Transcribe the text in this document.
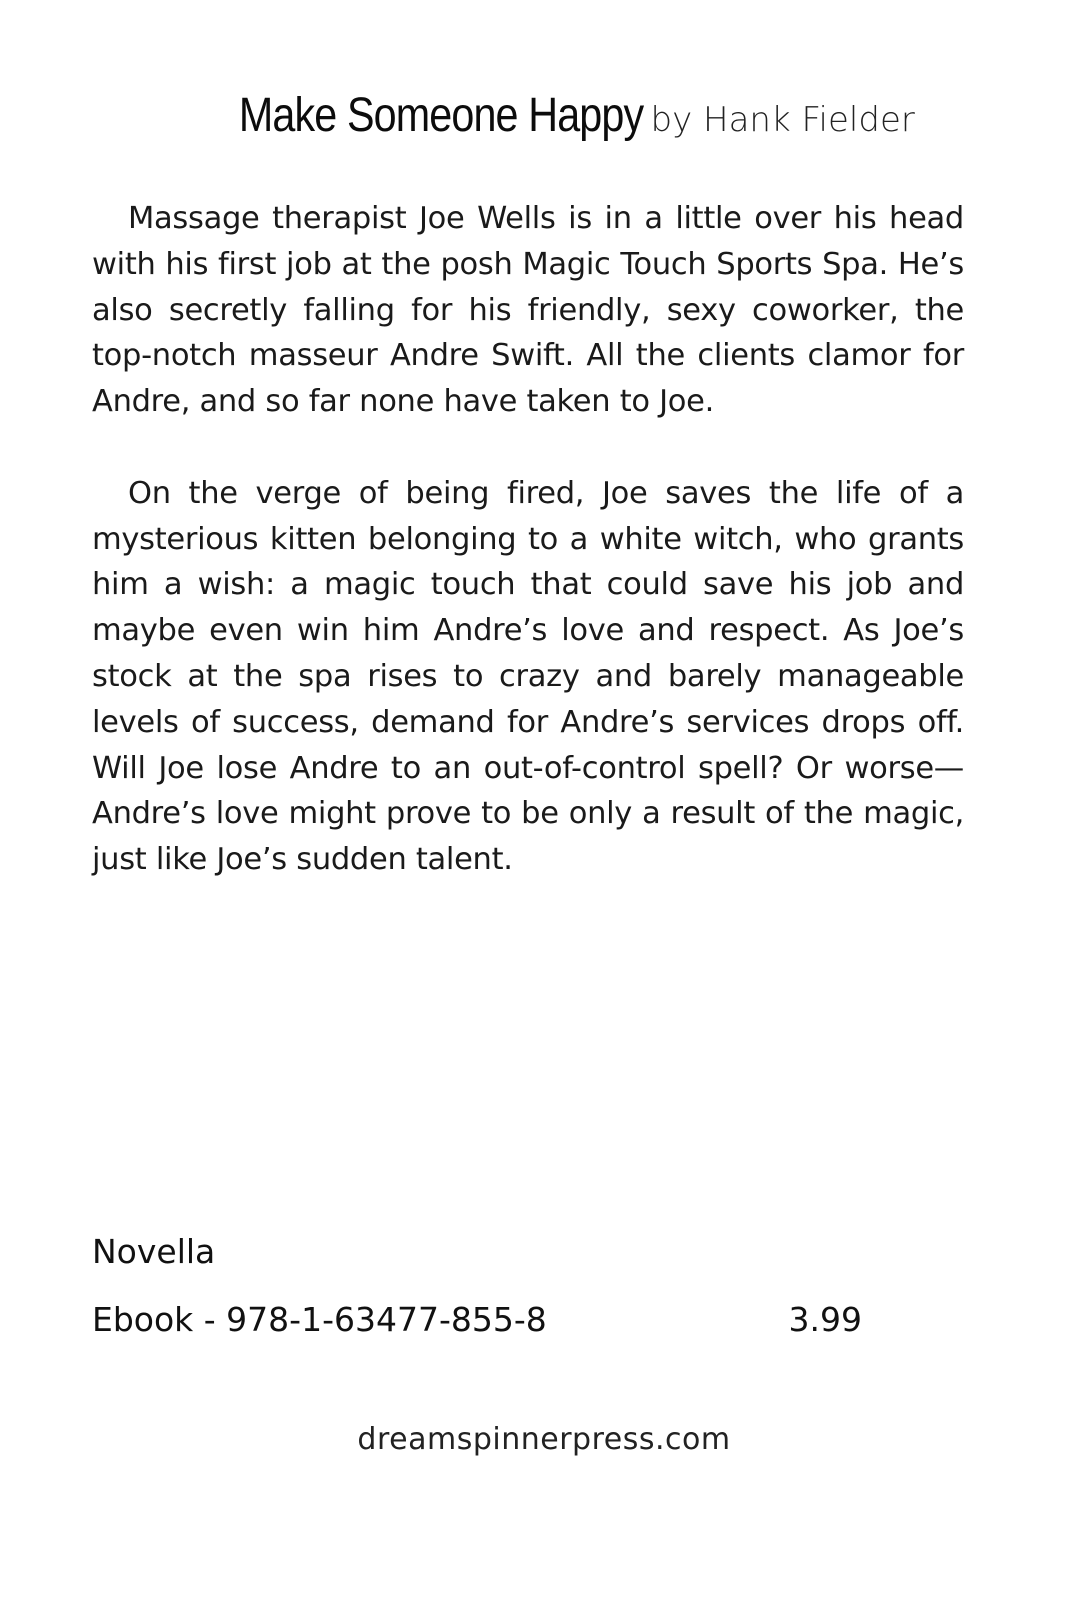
Make Someone Happy by Hank Fielder

Massage therapist Joe Wells is in a little over his head with his first job at the posh Magic Touch Sports Spa. He’s also secretly falling for his friendly, sexy coworker, the top-notch masseur Andre Swift. All the clients clamor for Andre, and so far none have taken to Joe.

On the verge of being fired, Joe saves the life of a mysterious kitten belonging to a white witch, who grants him a wish: a magic touch that could save his job and maybe even win him Andre’s love and respect. As Joe’s stock at the spa rises to crazy and barely manageable levels of success, demand for Andre’s services drops off. Will Joe lose Andre to an out-of-control spell? Or worse—Andre’s love might prove to be only a result of the magic, just like Joe’s sudden talent.

Novella
Ebook - 978-1-63477-855-8	3.99
dreamspinnerpress.com
